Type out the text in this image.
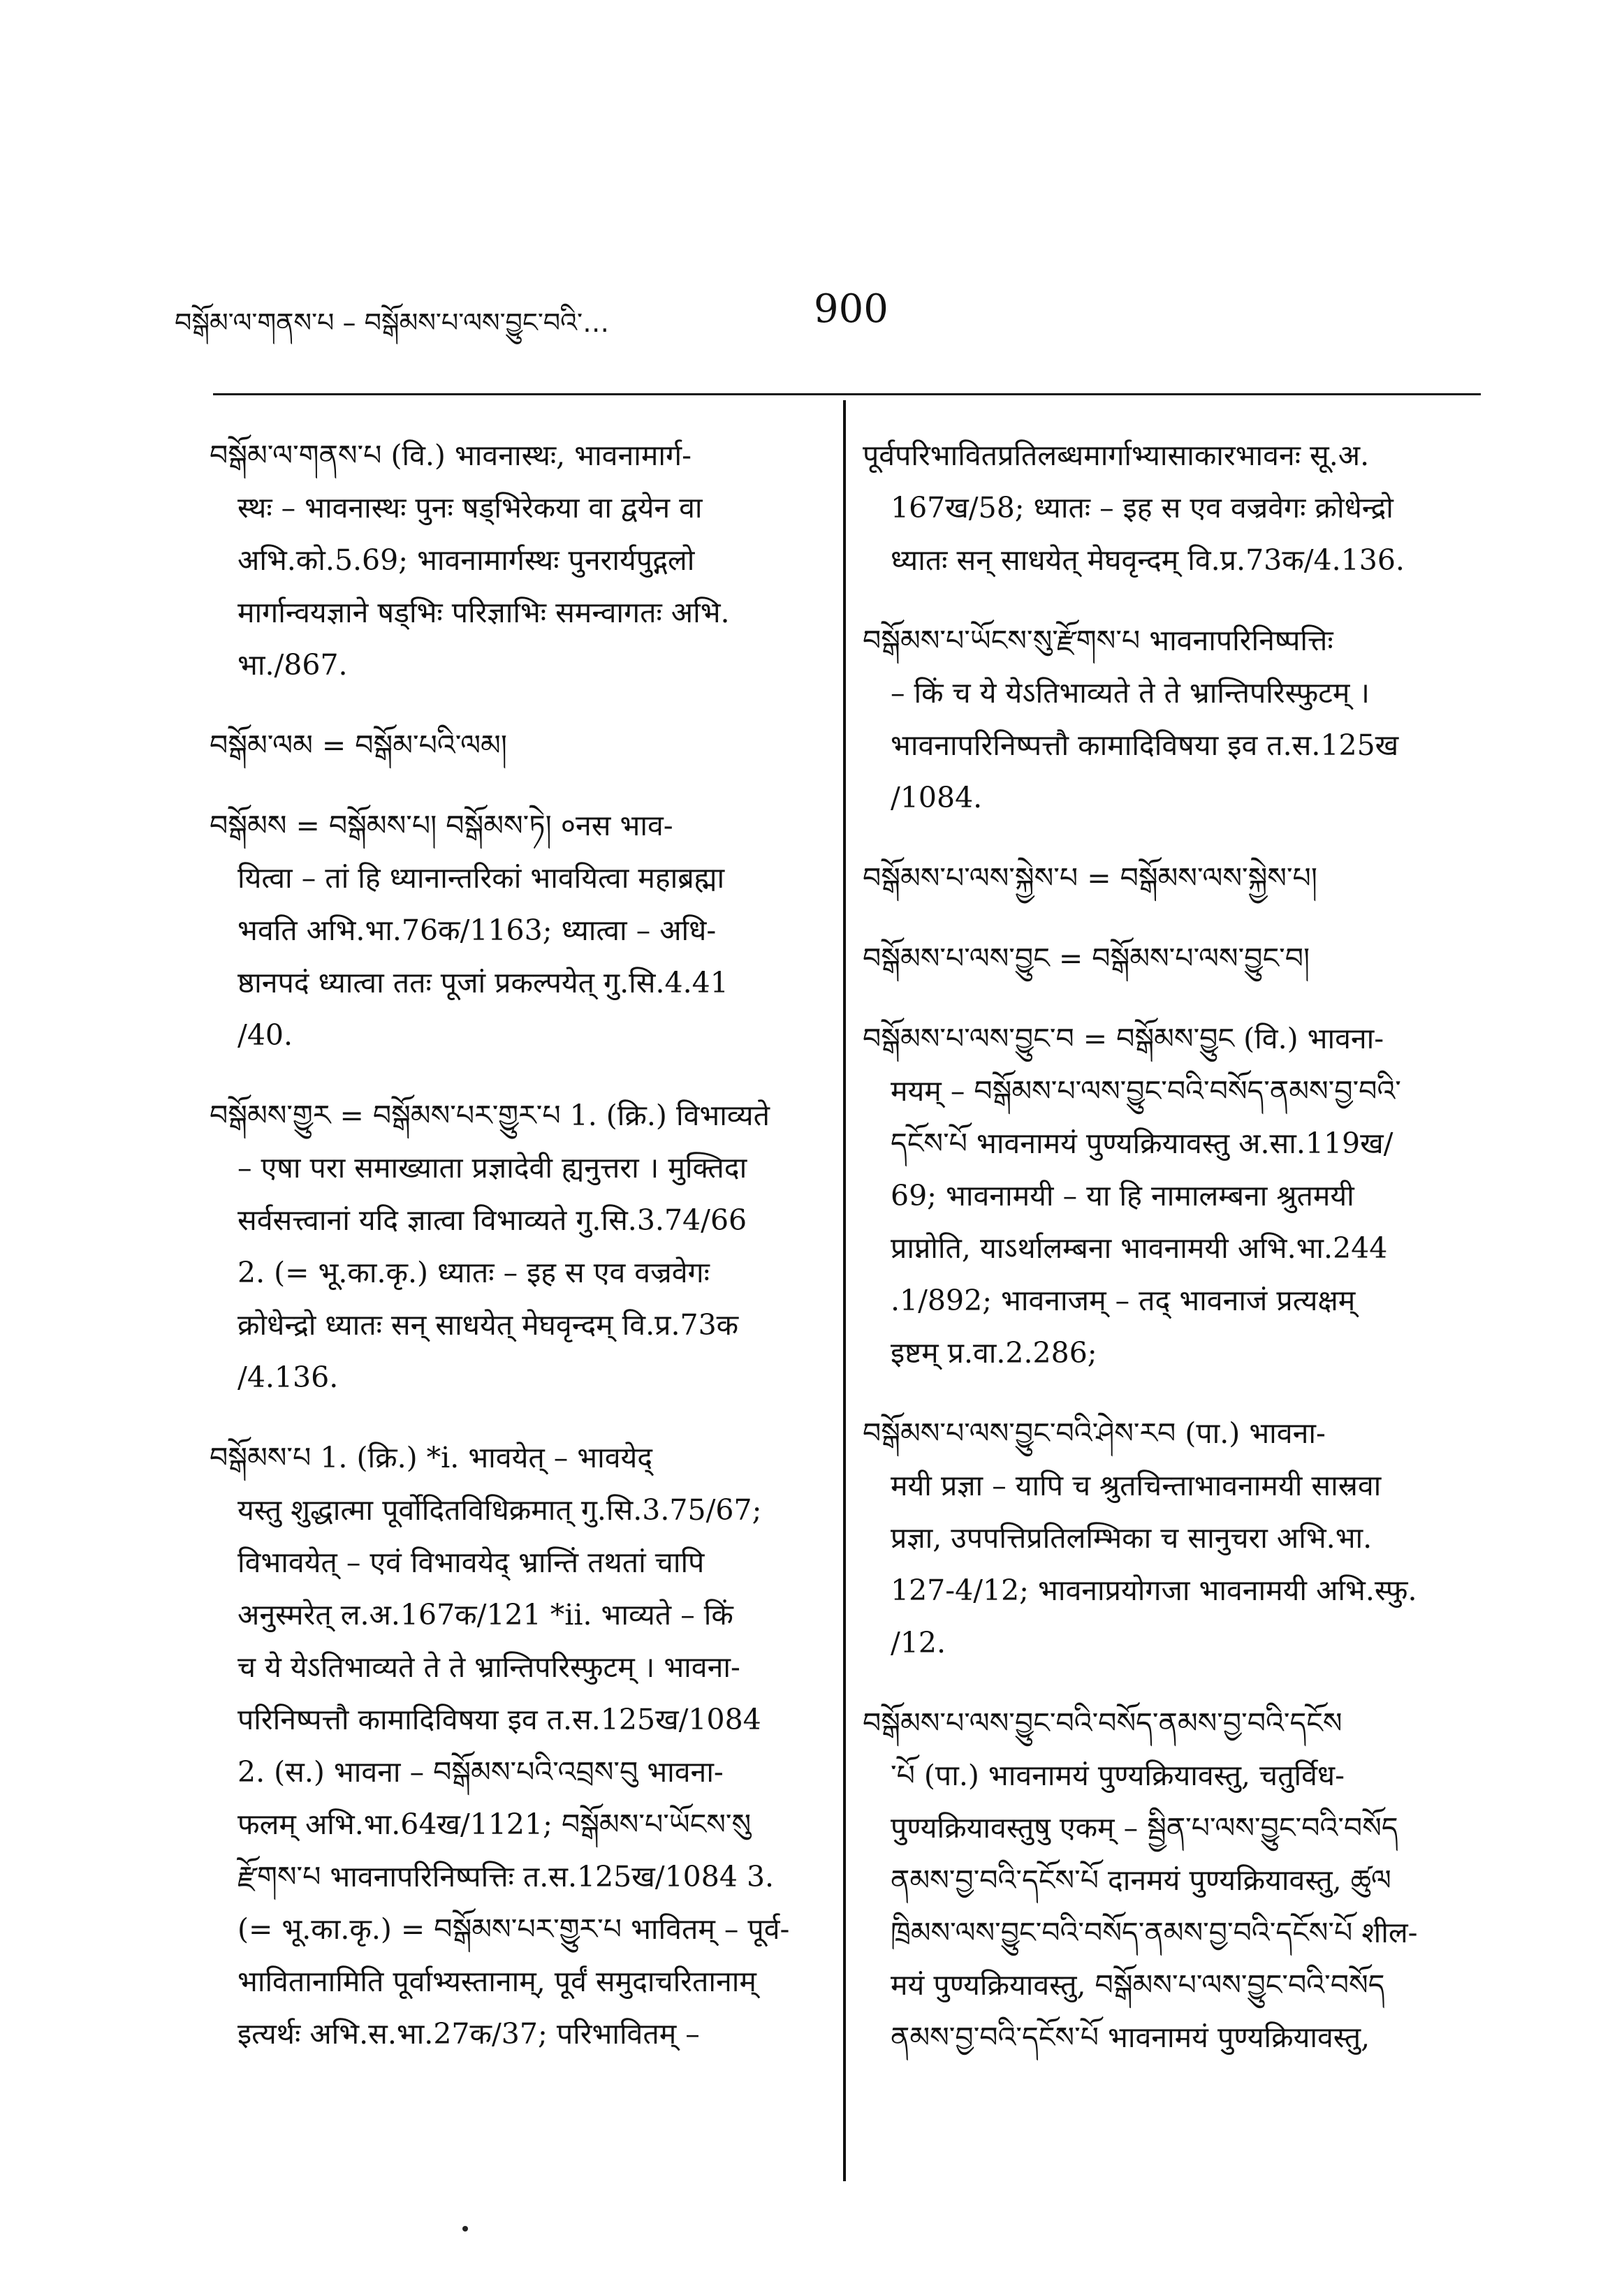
བསྒོམ་ལ་གནས་པ – བསྒོམས་པ་ལས་བྱུང་བའི་…	900
བསྒོམ་ལ་གནས་པ (वि.) भावनास्थः, भावनामार्ग-
स्थः – भावनास्थः पुनः षड्भिरेकया वा द्वयेन वा
अभि.को.5.69; भावनामार्गस्थः पुनरार्यपुद्गलो
मार्गान्वयज्ञाने षड्भिः परिज्ञाभिः समन्वागतः अभि.
भा./867.
བསྒོམ་ལམ = བསྒོམ་པའི་ལམ།
བསྒོམས = བསྒོམས་པ། བསྒོམས་ཏེ། ०नस भाव-
यित्वा – तां हि ध्यानान्तरिकां भावयित्वा महाब्रह्मा
भवति अभि.भा.76क/1163; ध्यात्वा – अधि-
ष्ठानपदं ध्यात्वा ततः पूजां प्रकल्पयेत् गु.सि.4.41
/40.
བསྒོམས་གྱུར = བསྒོམས་པར་གྱུར་པ 1. (क्रि.) विभाव्यते
– एषा परा समाख्याता प्रज्ञादेवी ह्यनुत्तरा । मुक्तिदा
सर्वसत्त्वानां यदि ज्ञात्वा विभाव्यते गु.सि.3.74/66
2. (= भू.का.कृ.) ध्यातः – इह स एव वज्रवेगः
क्रोधेन्द्रो ध्यातः सन् साधयेत् मेघवृन्दम् वि.प्र.73क
/4.136.
བསྒོམས་པ 1. (क्रि.) *i. भावयेत् – भावयेद्
यस्तु शुद्धात्मा पूर्वोदितविधिक्रमात् गु.सि.3.75/67;
विभावयेत् – एवं विभावयेद् भ्रान्तिं तथतां चापि
अनुस्मरेत् ल.अ.167क/121 *ii. भाव्यते – किं
च ये येऽतिभाव्यते ते ते भ्रान्तिपरिस्फुटम् । भावना-
परिनिष्पत्तौ कामादिविषया इव त.स.125ख/1084
2. (स.) भावना – བསྒོམས་པའི་འབྲས་བུ भावना-
फलम् अभि.भा.64ख/1121; བསྒོམས་པ་ཡོངས་སུ
རྫོགས་པ भावनापरिनिष्पत्तिः त.स.125ख/1084 3.
(= भू.का.कृ.) = བསྒོམས་པར་གྱུར་པ भावितम् – पूर्व-
भावितानामिति पूर्वाभ्यस्तानाम्, पूर्वं समुदाचरितानाम्
इत्यर्थः अभि.स.भा.27क/37; परिभावितम् –
पूर्वपरिभावितप्रतिलब्धमार्गाभ्यासाकारभावनः सू.अ.
167ख/58; ध्यातः – इह स एव वज्रवेगः क्रोधेन्द्रो
ध्यातः सन् साधयेत् मेघवृन्दम् वि.प्र.73क/4.136.
བསྒོམས་པ་ཡོངས་སུ་རྫོགས་པ भावनापरिनिष्पत्तिः
– किं च ये येऽतिभाव्यते ते ते भ्रान्तिपरिस्फुटम् ।
भावनापरिनिष्पत्तौ कामादिविषया इव त.स.125ख
/1084.
བསྒོམས་པ་ལས་སྐྱེས་པ = བསྒོམས་ལས་སྐྱེས་པ།
བསྒོམས་པ་ལས་བྱུང = བསྒོམས་པ་ལས་བྱུང་བ།
བསྒོམས་པ་ལས་བྱུང་བ = བསྒོམས་བྱུང (वि.) भावना-
मयम् – བསྒོམས་པ་ལས་བྱུང་བའི་བསོད་ནམས་བྱ་བའི་
དངོས་པོ भावनामयं पुण्यक्रियावस्तु अ.सा.119ख/
69; भावनामयी – या हि नामालम्बना श्रुतमयी
प्राप्नोति, याऽर्थालम्बना भावनामयी अभि.भा.244
.1/892; भावनाजम् – तद् भावनाजं प्रत्यक्षम्
इष्टम् प्र.वा.2.286;
བསྒོམས་པ་ལས་བྱུང་བའི་ཤེས་རབ (पा.) भावना-
मयी प्रज्ञा – यापि च श्रुतचिन्ताभावनामयी सास्रवा
प्रज्ञा, उपपत्तिप्रतिलम्भिका च सानुचरा अभि.भा.
127-4/12; भावनाप्रयोगजा भावनामयी अभि.स्फु.
/12.
བསྒོམས་པ་ལས་བྱུང་བའི་བསོད་ནམས་བྱ་བའི་དངོས
་པོ (पा.) भावनामयं पुण्यक्रियावस्तु, चतुर्विध-
पुण्यक्रियावस्तुषु एकम् – སྦྱིན་པ་ལས་བྱུང་བའི་བསོད
ནམས་བྱ་བའི་དངོས་པོ दानमयं पुण्यक्रियावस्तु, ཚུལ
ཁྲིམས་ལས་བྱུང་བའི་བསོད་ནམས་བྱ་བའི་དངོས་པོ शील-
मयं पुण्यक्रियावस्तु, བསྒོམས་པ་ལས་བྱུང་བའི་བསོད
ནམས་བྱ་བའི་དངོས་པོ भावनामयं पुण्यक्रियावस्तु,
